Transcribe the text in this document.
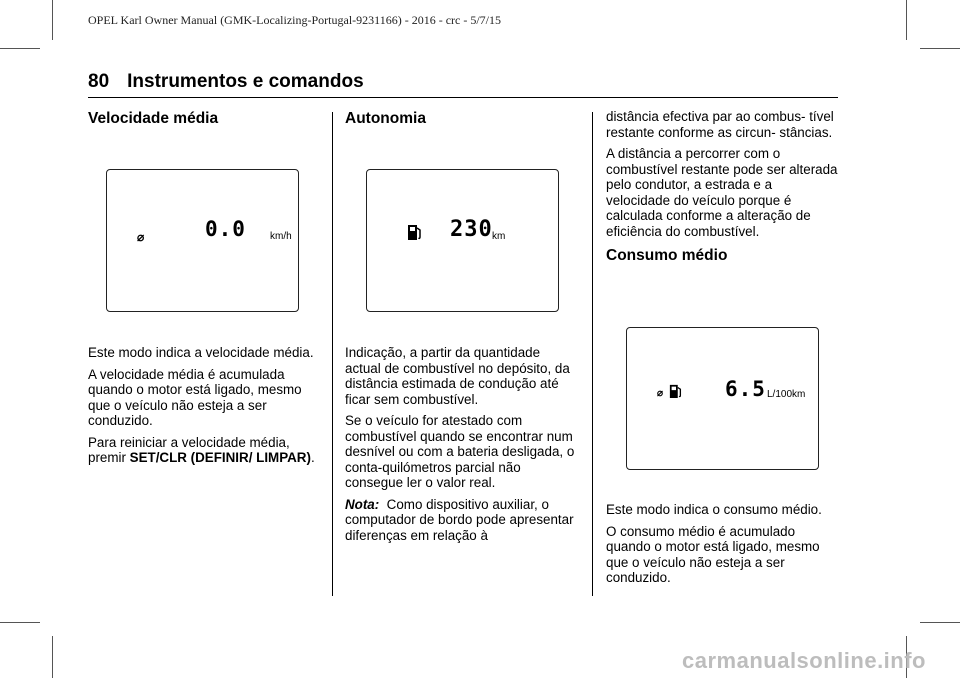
OPEL Karl Owner Manual (GMK-Localizing-Portugal-9231166) - 2016 - crc - 5/7/15
80 Instrumentos e comandos
Velocidade média
⌀	0.0 km/h

Este modo indica a velocidade média.

A velocidade média é acumulada quando o motor está ligado, mesmo que o veículo não esteja a ser conduzido.

Para reiniciar a velocidade média, premir SET/CLR (DEFINIR/ LIMPAR).

Autonomia
230 km

Indicação, a partir da quantidade actual de combustível no depósito, da distância estimada de condução até ficar sem combustível.

Se o veículo for atestado com combustível quando se encontrar num desnível ou com a bateria desligada, o conta-quilómetros parcial não consegue ler o valor real.

Nota: Como dispositivo auxiliar, o computador de bordo pode apresentar diferenças em relação à

distância efectiva par ao combus- tível restante conforme as circun- stâncias.

A distância a percorrer com o combustível restante pode ser alterada pelo condutor, a estrada e a velocidade do veículo porque é calculada conforme a alteração de eficiência do combustível.

Consumo médio
⌀	6.5 L/100km

Este modo indica o consumo médio.

O consumo médio é acumulado quando o motor está ligado, mesmo que o veículo não esteja a ser conduzido.

carmanualsonline.info
